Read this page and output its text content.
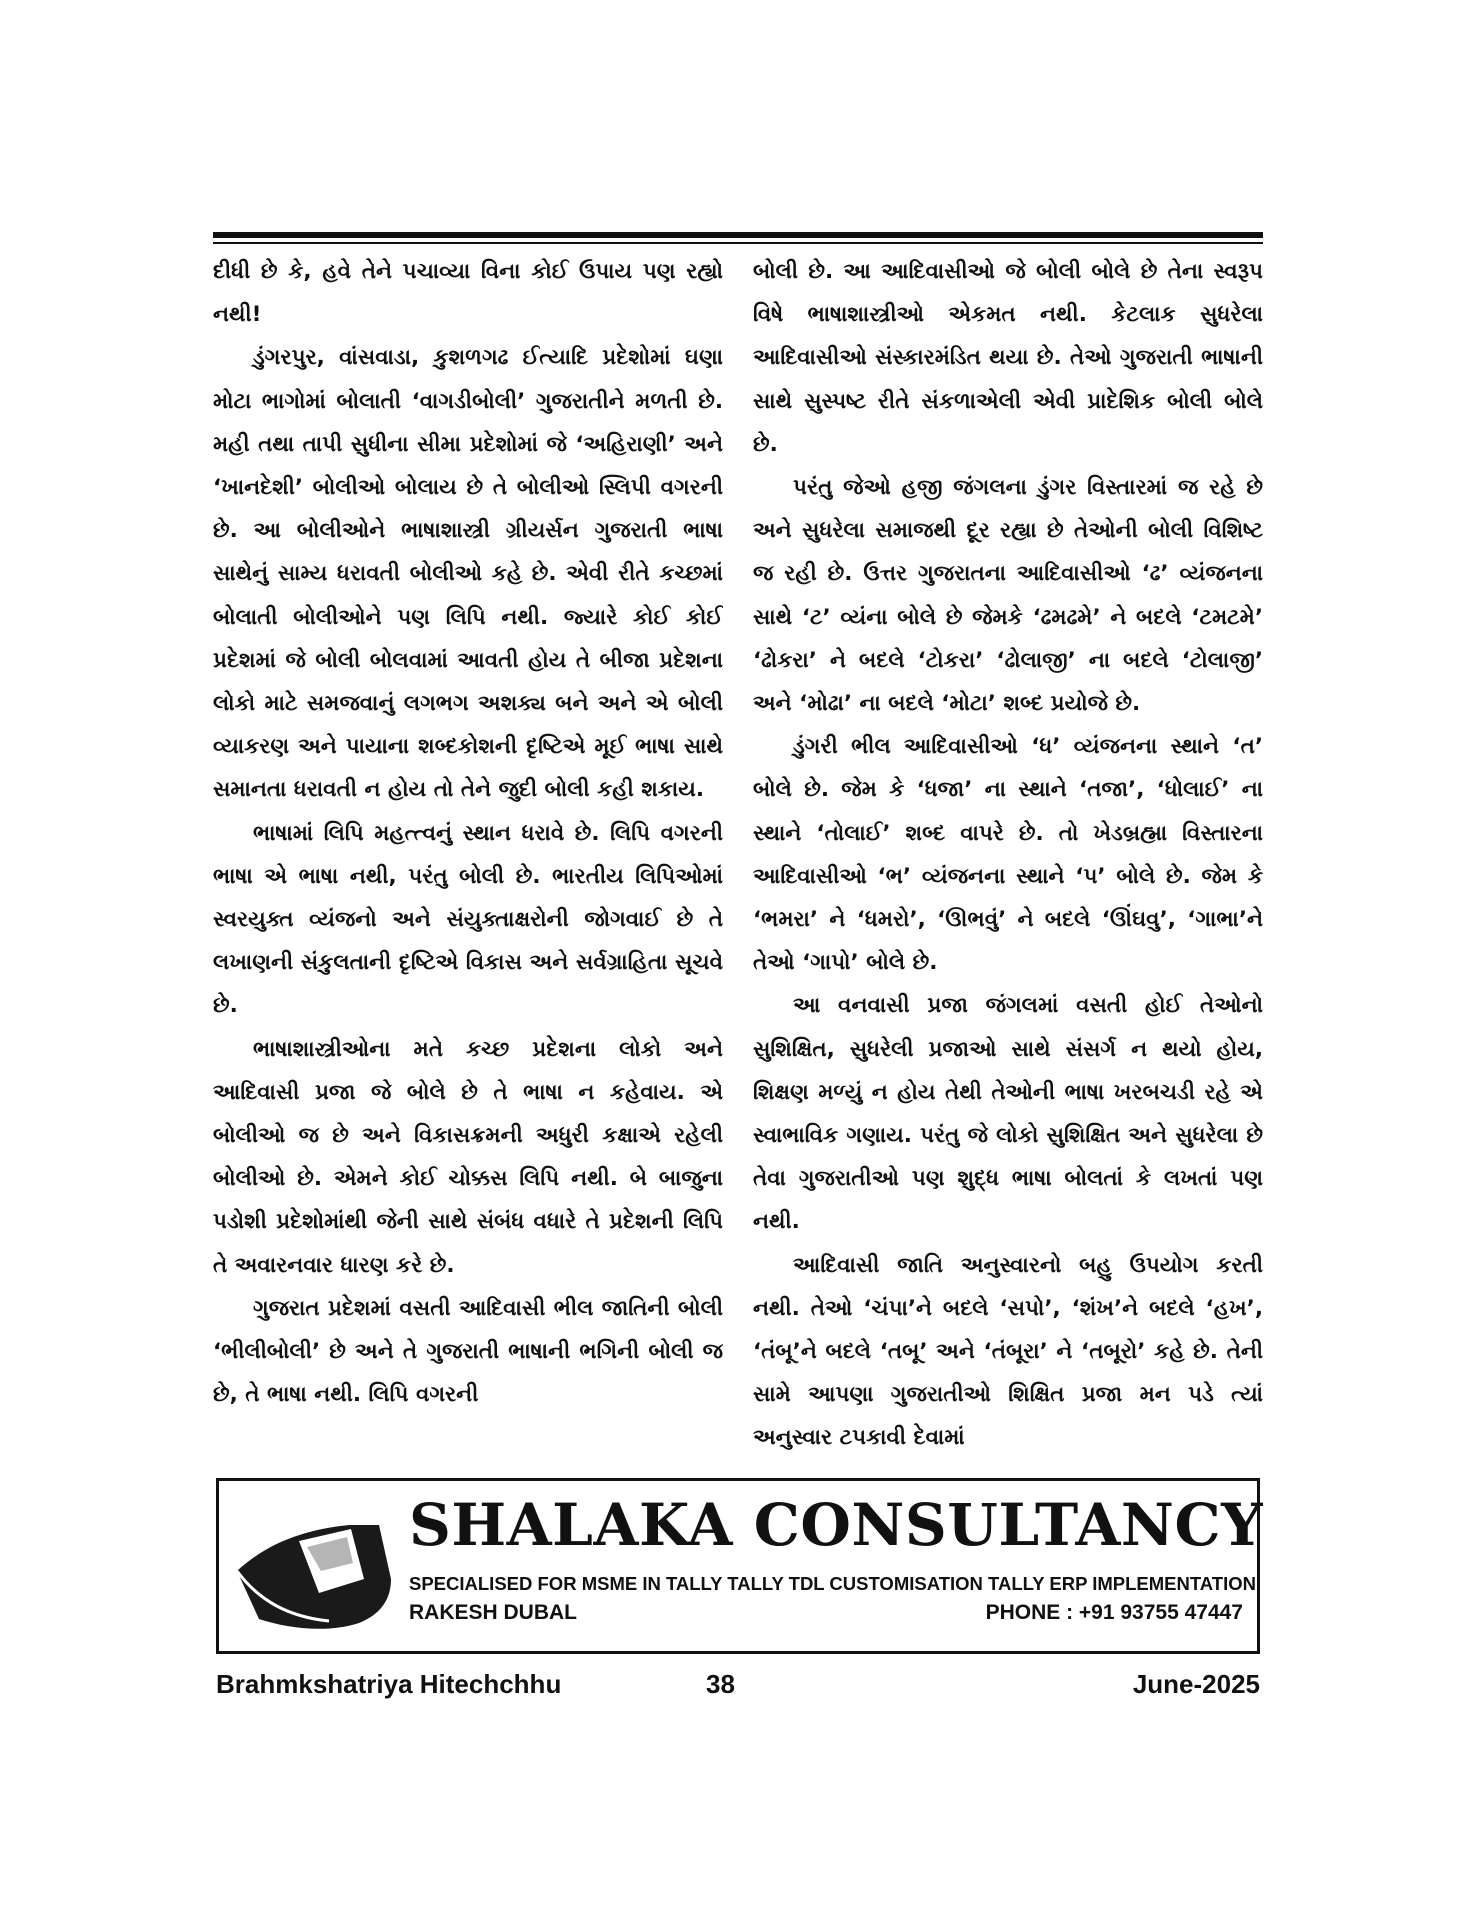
દીધી છે કે, હવે તેને પચાવ્યા વિના કોઈ ઉપાય પણ રહ્યો નથી!

ડુંગરપુર, વાંસવાડા, કુશળગઢ ઈત્યાદિ પ્રદેશોમાં ઘણા મોટા ભાગોમાં બોલાતી ‘વાગડીબોલી’ ગુજરાતીને મળતી છે. મહી તથા તાપી સુધીના સીમા પ્રદેશોમાં જે ‘અહિરાણી’ અને ‘ખાનદેશી’ બોલીઓ બોલાય છે તે બોલીઓ સ્લિપી વગરની છે. આ બોલીઓને ભાષાશાસ્ત્રી ગ્રીયર્સન ગુજરાતી ભાષા સાથેનું સામ્ય ધરાવતી બોલીઓ કહે છે. એવી રીતે કચ્છમાં બોલાતી બોલીઓને પણ લિપિ નથી. જ્યારે કોઈ કોઈ પ્રદેશમાં જે બોલી બોલવામાં આવતી હોય તે બીજા પ્રદેશના લોકો માટે સમજવાનું લગભગ અશક્ય બને અને એ બોલી વ્યાકરણ અને પાયાના શબ્દકોશની દૃષ્ટિએ મૂઈ ભાષા સાથે સમાનતા ધરાવતી ન હોય તો તેને જુદી બોલી કહી શકાય.

ભાષામાં લિપિ મહત્ત્વનું સ્થાન ધરાવે છે. લિપિ વગરની ભાષા એ ભાષા નથી, પરંતુ બોલી છે. ભારતીય લિપિઓમાં સ્વરયુક્ત વ્યંજનો અને સંયુક્તાક્ષરોની જોગવાઈ છે તે લખાણની સંકુલતાની દૃષ્ટિએ વિકાસ અને સર્વગ્રાહિતા સૂચવે છે.

ભાષાશાસ્ત્રીઓના મતે કચ્છ પ્રદેશના લોકો અને આદિવાસી પ્રજા જે બોલે છે તે ભાષા ન કહેવાય. એ બોલીઓ જ છે અને વિકાસક્રમની અધુરી કક્ષાએ રહેલી બોલીઓ છે. એમને કોઈ ચોક્કસ લિપિ નથી. બે બાજુના પડોશી પ્રદેશોમાંથી જેની સાથે સંબંધ વધારે તે પ્રદેશની લિપિ તે અવારનવાર ધારણ કરે છે.

ગુજરાત પ્રદેશમાં વસતી આદિવાસી ભીલ જાતિની બોલી ‘ભીલીબોલી’ છે અને તે ગુજરાતી ભાષાની ભગિની બોલી જ છે, તે ભાષા નથી. લિપિ વગરની

બોલી છે. આ આદિવાસીઓ જે બોલી બોલે છે તેના સ્વરૂપ વિષે ભાષાશાસ્ત્રીઓ એકમત નથી. કેટલાક સુધરેલા આદિવાસીઓ સંસ્કારમંડિત થયા છે. તેઓ ગુજરાતી ભાષાની સાથે સુસ્પષ્ટ રીતે સંકળાએલી એવી પ્રાદેશિક બોલી બોલે છે.

પરંતુ જેઓ હજી જંગલના ડુંગર વિસ્તારમાં જ રહે છે અને સુધરેલા સમાજથી દૂર રહ્યા છે તેઓની બોલી વિશિષ્ટ જ રહી છે. ઉત્તર ગુજરાતના આદિવાસીઓ ‘ઢ’ વ્યંજનના સાથે ‘ટ’ વ્યંના બોલે છે જેમકે ‘ઢમઢમે’ ને બદલે ‘ટમટમે’ ‘ઢોકરા’ ને બદલે ‘ટોકરા’ ‘ઢોલાજી’ ના બદલે ‘ટોલાજી’ અને ‘મોઢા’ ના બદલે ‘મોટા’ શબ્દ પ્રયોજે છે.

ડુંગરી ભીલ આદિવાસીઓ ‘ધ’ વ્યંજનના સ્થાને ‘ત’ બોલે છે. જેમ કે ‘ધજા’ ના સ્થાને ‘તજા’, ‘ધોલાઈ’ ના સ્થાને ‘તોલાઈ’ શબ્દ વાપરે છે. તો ખેડબ્રહ્મા વિસ્તારના આદિવાસીઓ ‘ભ’ વ્યંજનના સ્થાને ‘પ’ બોલે છે. જેમ કે ‘ભમરા’ ને ‘ધમરો’, ‘ઊભવું’ ને બદલે ‘ઊંઘવુ’, ‘ગાભા’ને તેઓ ‘ગાપો’ બોલે છે.

આ વનવાસી પ્રજા જંગલમાં વસતી હોઈ તેઓનો સુશિક્ષિત, સુધરેલી પ્રજાઓ સાથે સંસર્ગ ન થયો હોય, શિક્ષણ મળ્યું ન હોય તેથી તેઓની ભાષા ખરબચડી રહે એ સ્વાભાવિક ગણાય. પરંતુ જે લોકો સુશિક્ષિત અને સુધરેલા છે તેવા ગુજરાતીઓ પણ શુદ્ધ ભાષા બોલતાં કે લખતાં પણ નથી.

આદિવાસી જાતિ અનુસ્વારનો બહુ ઉપયોગ કરતી નથી. તેઓ ‘ચંપા’ને બદલે ‘સપો’, ‘શંખ’ને બદલે ‘હખ’, ‘તંબૂ’ને બદલે ‘તબૂ’ અને ‘તંબૂરા’ ને ‘તબૂરો’ કહે છે. તેની સામે આપણા ગુજરાતીઓ શિક્ષિત પ્રજા મન પડે ત્યાં અનુસ્વાર ટપકાવી દેવામાં

SHALAKA CONSULTANCY
SPECIALISED FOR MSME IN TALLY TALLY TDL CUSTOMISATION TALLY ERP IMPLEMENTATION
RAKESH DUBAL	PHONE : +91 93755 47447
Brahmkshatriya Hitechchhu	38	June-2025
